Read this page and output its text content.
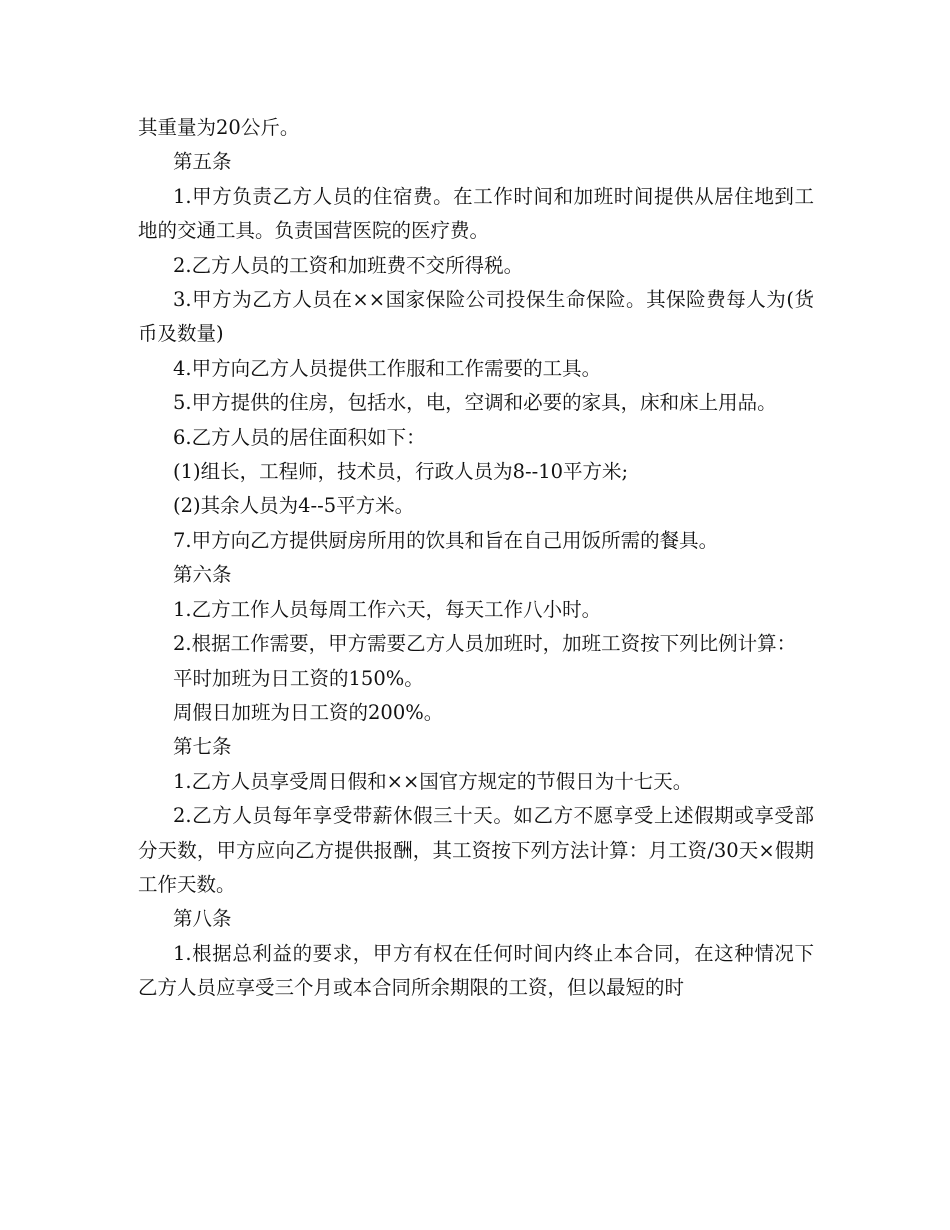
其重量为20公斤。

第五条

1.甲方负责乙方人员的住宿费。在工作时间和加班时间提供从居住地到工地的交通工具。负责国营医院的医疗费。

2.乙方人员的工资和加班费不交所得税。

3.甲方为乙方人员在××国家保险公司投保生命保险。其保险费每人为(货币及数量)

4.甲方向乙方人员提供工作服和工作需要的工具。

5.甲方提供的住房，包括水，电，空调和必要的家具，床和床上用品。

6.乙方人员的居住面积如下：

(1)组长，工程师，技术员，行政人员为8--10平方米;

(2)其余人员为4--5平方米。

7.甲方向乙方提供厨房所用的饮具和旨在自己用饭所需的餐具。

第六条

1.乙方工作人员每周工作六天，每天工作八小时。

2.根据工作需要，甲方需要乙方人员加班时，加班工资按下列比例计算：

平时加班为日工资的150%。

周假日加班为日工资的200%。

第七条

1.乙方人员享受周日假和××国官方规定的节假日为十七天。

2.乙方人员每年享受带薪休假三十天。如乙方不愿享受上述假期或享受部分天数，甲方应向乙方提供报酬，其工资按下列方法计算：月工资/30天×假期工作天数。

第八条

1.根据总利益的要求，甲方有权在任何时间内终止本合同，在这种情况下乙方人员应享受三个月或本合同所余期限的工资，但以最短的时
